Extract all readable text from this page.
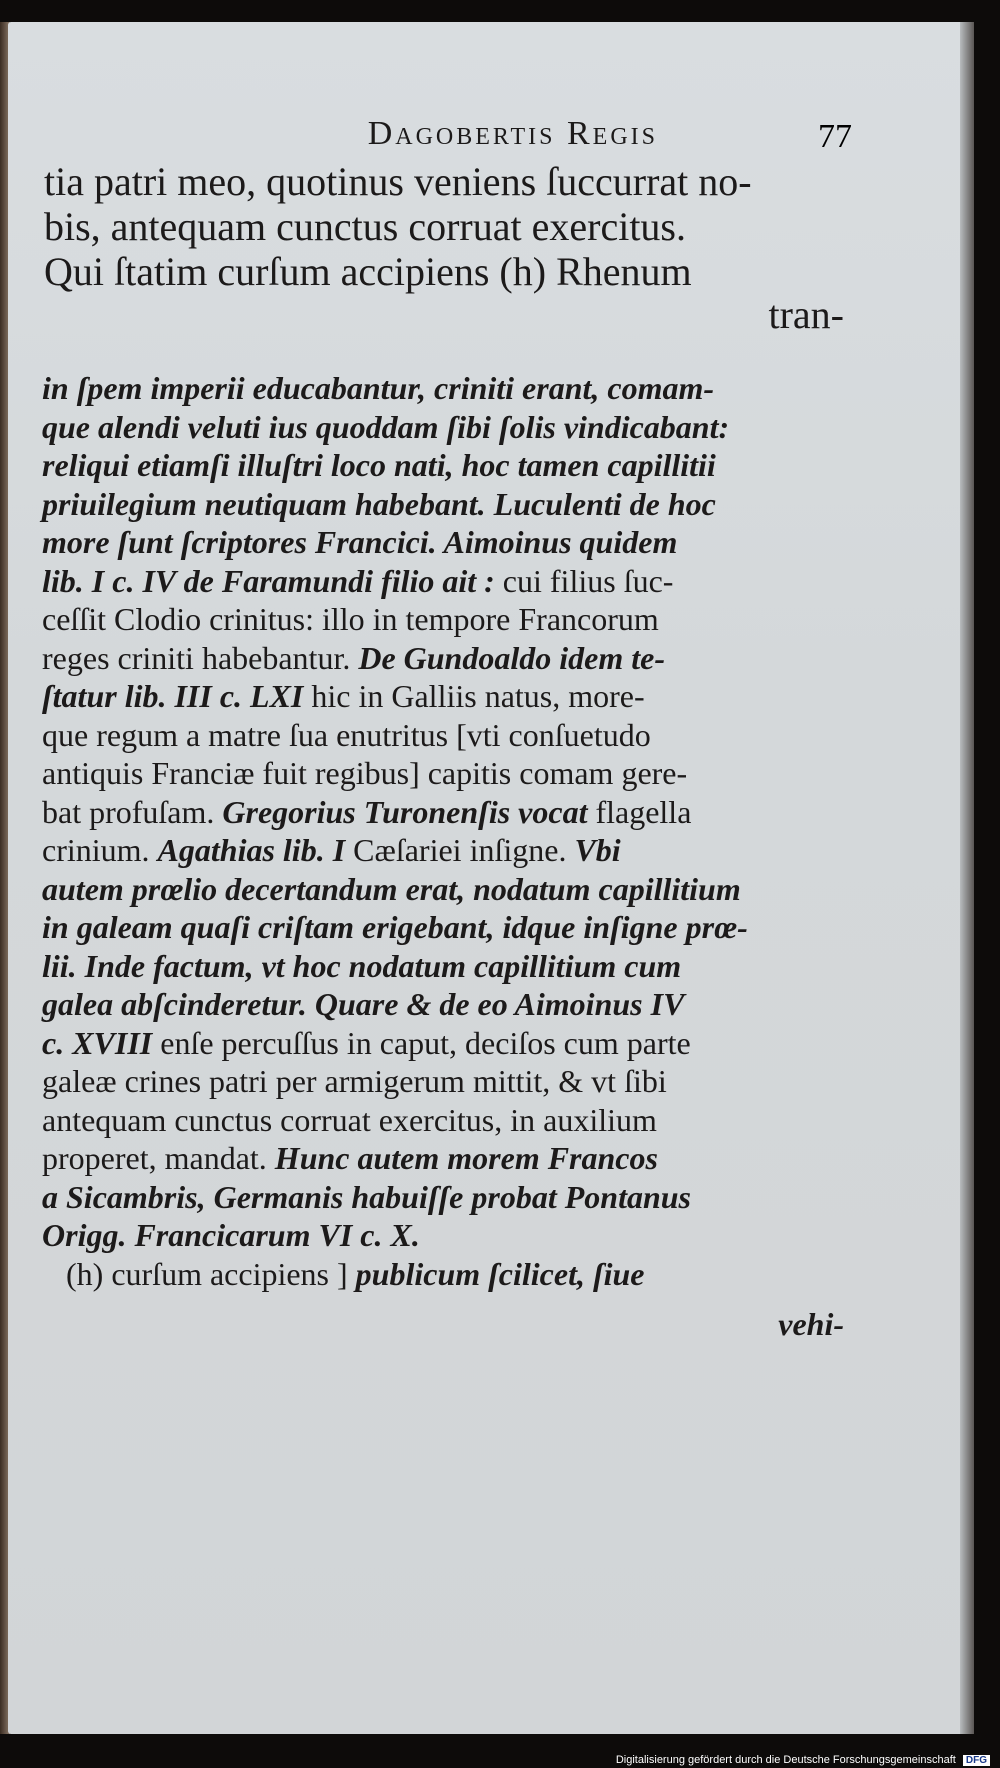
Dagobertis Regis	77
tia patri meo, quotinus veniens ſuccurrat no-
bis, antequam cunctus corruat exercitus.
Qui ſtatim curſum accipiens (h) Rhenum
tran-
in ſpem imperii educabantur, criniti erant, comam-
que alendi veluti ius quoddam ſibi ſolis vindicabant:
reliqui etiamſi illuſtri loco nati, hoc tamen capillitii
priuilegium neutiquam habebant. Luculenti de hoc
more ſunt ſcriptores Francici. Aimoinus quidem
lib. I c. IV de Faramundi filio ait : cui filius ſuc-
ceſſit Clodio crinitus: illo in tempore Francorum
reges criniti habebantur. De Gundoaldo idem te-
ſtatur lib. III c. LXI hic in Galliis natus, more-
que regum a matre ſua enutritus [vti conſuetudo
antiquis Franciæ fuit regibus] capitis comam gere-
bat profuſam. Gregorius Turonenſis vocat flagella
crinium. Agathias lib. I Cæſariei inſigne. Vbi
autem prœlio decertandum erat, nodatum capillitium
in galeam quaſi criſtam erigebant, idque inſigne prœ-
lii. Inde factum, vt hoc nodatum capillitium cum
galea abſcinderetur. Quare & de eo Aimoinus IV
c. XVIII enſe percuſſus in caput, deciſos cum parte
galeæ crines patri per armigerum mittit, & vt ſibi
antequam cunctus corruat exercitus, in auxilium
properet, mandat. Hunc autem morem Francos
a Sicambris, Germanis habuiſſe probat Pontanus
Origg. Francicarum VI c. X.
(h) curſum accipiens ] publicum ſcilicet, ſiue
vehi-
Digitalisierung gefördert durch die Deutsche Forschungsgemeinschaft DFG
